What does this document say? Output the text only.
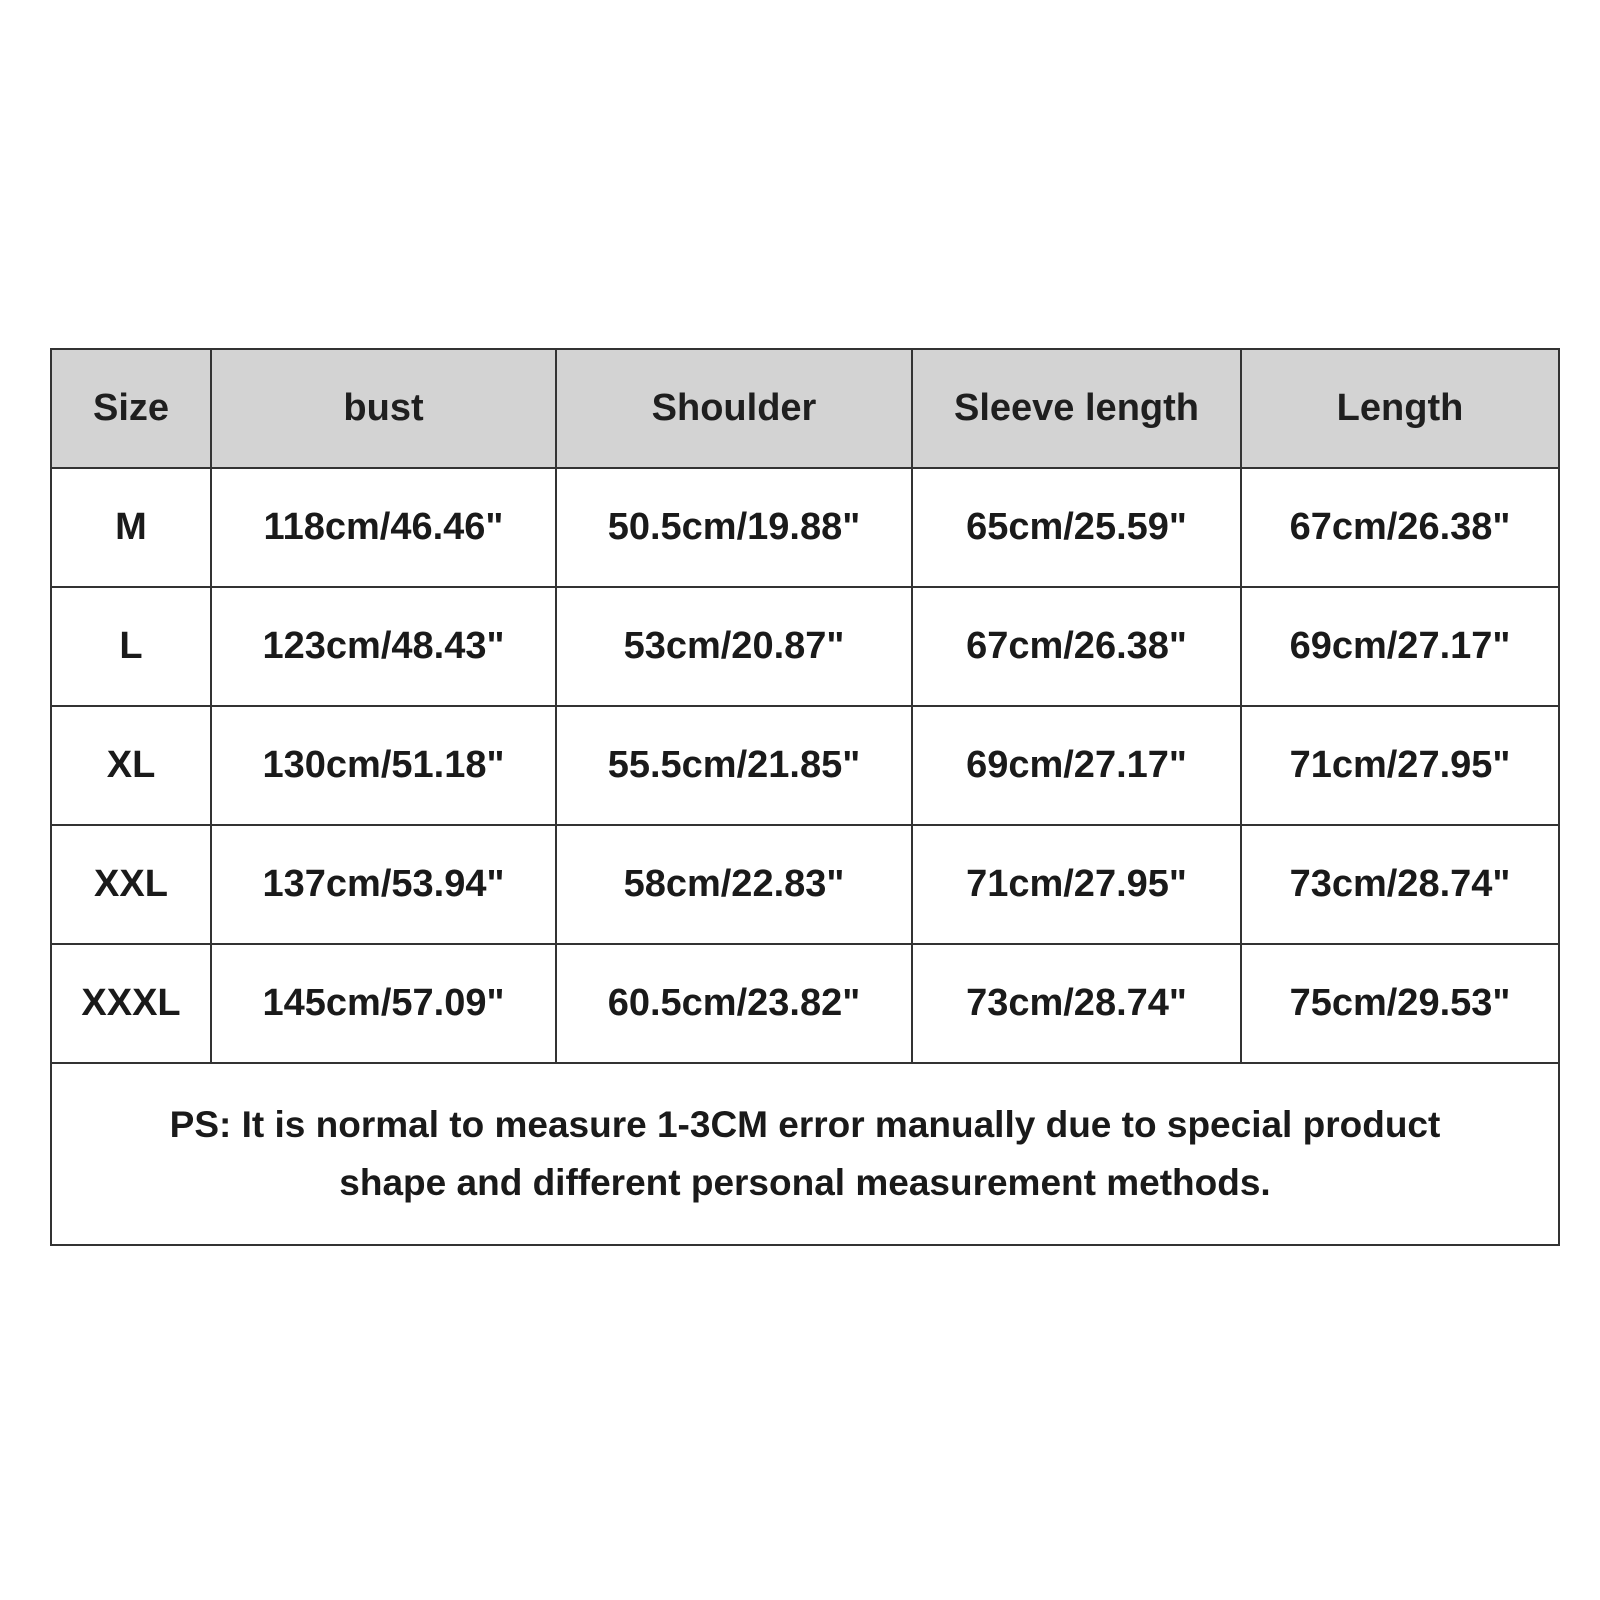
Size	bust	Shoulder	Sleeve length	Length
M	118cm/46.46"	50.5cm/19.88"	65cm/25.59"	67cm/26.38"
L	123cm/48.43"	53cm/20.87"	67cm/26.38"	69cm/27.17"
XL	130cm/51.18"	55.5cm/21.85"	69cm/27.17"	71cm/27.95"
XXL	137cm/53.94"	58cm/22.83"	71cm/27.95"	73cm/28.74"
XXXL	145cm/57.09"	60.5cm/23.82"	73cm/28.74"	75cm/29.53"

PS: It is normal to measure 1-3CM error manually due to special product
shape and different personal measurement methods.				
